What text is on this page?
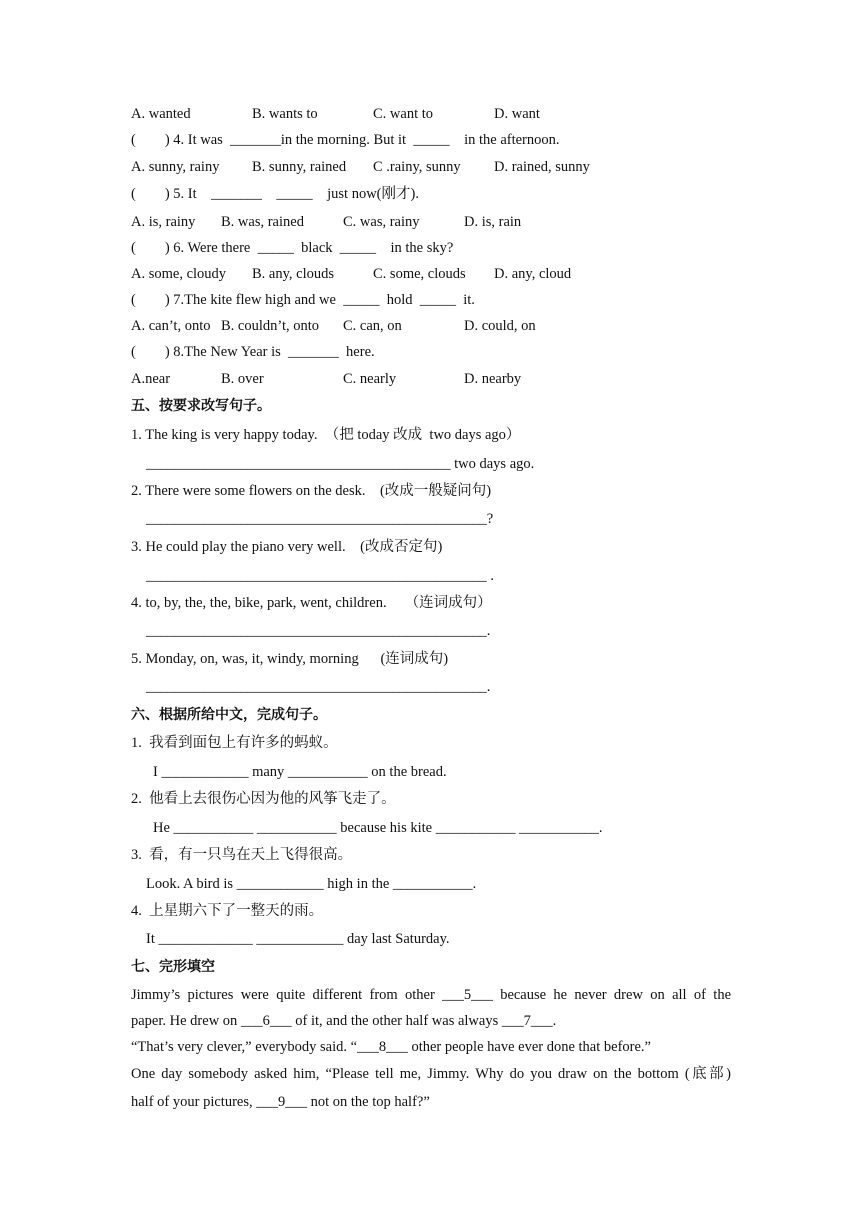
A. wanted	B. wants to	C. want to	D. want
(        ) 4. It was  _______in the morning. But it  _____    in the afternoon.
A. sunny, rainy B. sunny, rained C .rainy, sunny D. rained, sunny
(        ) 5. It    _______    _____    just now(刚才).
A. is, rainy B. was, rained	C. was, rainy	D. is, rain
(        ) 6. Were there  _____  black  _____    in the sky?
A. some, cloudy B. any, clouds	C. some, clouds D. any, cloud
(        ) 7.The kite flew high and we  _____  hold  _____  it.
A. can’t, onto B. couldn’t, onto C. can, on	D. could, on
(        ) 8.The New Year is  _______  here.
A.near	B. over	C. nearly	D. nearby
五、按要求改写句子。
1. The king is very happy today.  （把 today 改成  two days ago）
__________________________________________ two days ago.
2. There were some flowers on the desk.    (改成一般疑问句)
_______________________________________________?
3. He could play the piano very well.    (改成否定句)
_______________________________________________ .
4. to, by, the, the, bike, park, went, children.     （连词成句）
_______________________________________________.
5. Monday, on, was, it, windy, morning      (连词成句)
_______________________________________________.
六、根据所给中文，完成句子。
1.  我看到面包上有许多的蚂蚁。
I ____________ many ___________ on the bread.
2.  他看上去很伤心因为他的风筝飞走了。
He ___________ ___________ because his kite ___________ ___________.
3.  看，有一只鸟在天上飞得很高。
Look. A bird is ____________ high in the ___________.
4.  上星期六下了一整天的雨。
It _____________ ____________ day last Saturday.
七、完形填空
Jimmy’s pictures were quite different from other ___5___ because he never drew on all of the
paper. He drew on ___6___ of it, and the other half was always ___7___.
“That’s very clever,” everybody said. “___8___ other people have ever done that before.”
One day somebody asked him, “Please tell me, Jimmy. Why do you draw on the bottom (底部)
half of your pictures, ___9___ not on the top half?”
